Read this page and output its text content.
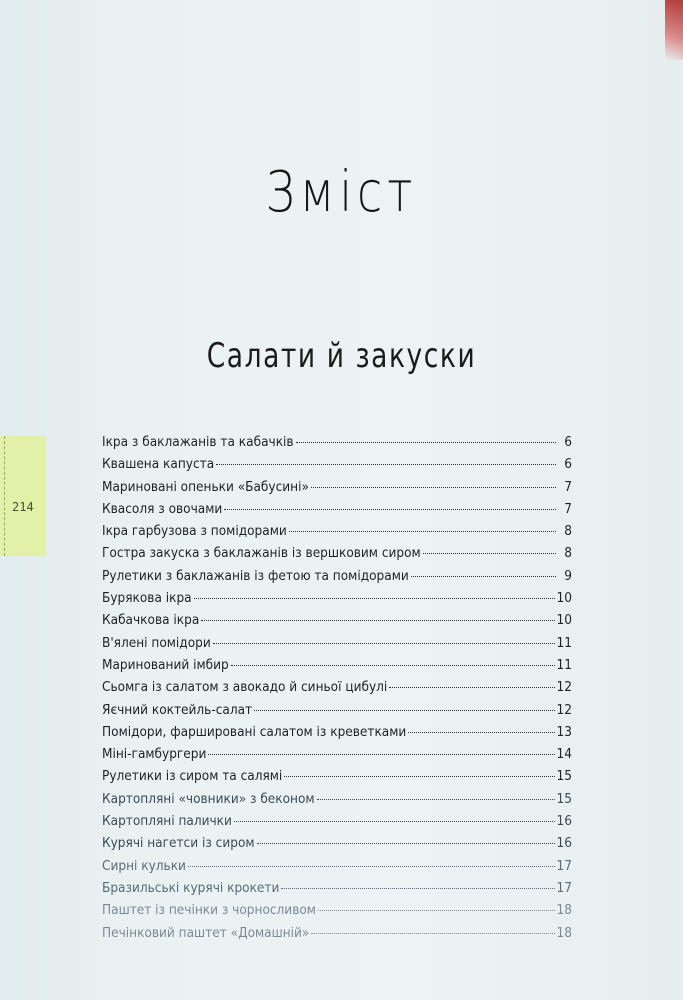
214
Зміст
Салати й закуски
Ікра з баклажанів та кабачків	6
Квашена капуста	6
Мариновані опеньки «Бабусині»	7
Квасоля з овочами	7
Ікра гарбузова з помідорами	8
Гостра закуска з баклажанів із вершковим сиром	8
Рулетики з баклажанів із фетою та помідорами	9
Бурякова ікра	10
Кабачкова ікра	10
В'ялені помідори	11
Маринований імбир	11
Сьомга із салатом з авокадо й синьої цибулі	12
Яєчний коктейль-салат	12
Помідори, фаршировані салатом із креветками	13
Міні-гамбургери	14
Рулетики із сиром та салямі	15
Картопляні «човники» з беконом	15
Картопляні палички	16
Курячі нагетси із сиром	16
Сирні кульки	17
Бразильські курячі крокети	17
Паштет із печінки з чорносливом	18
Печінковий паштет «Домашній»	18
